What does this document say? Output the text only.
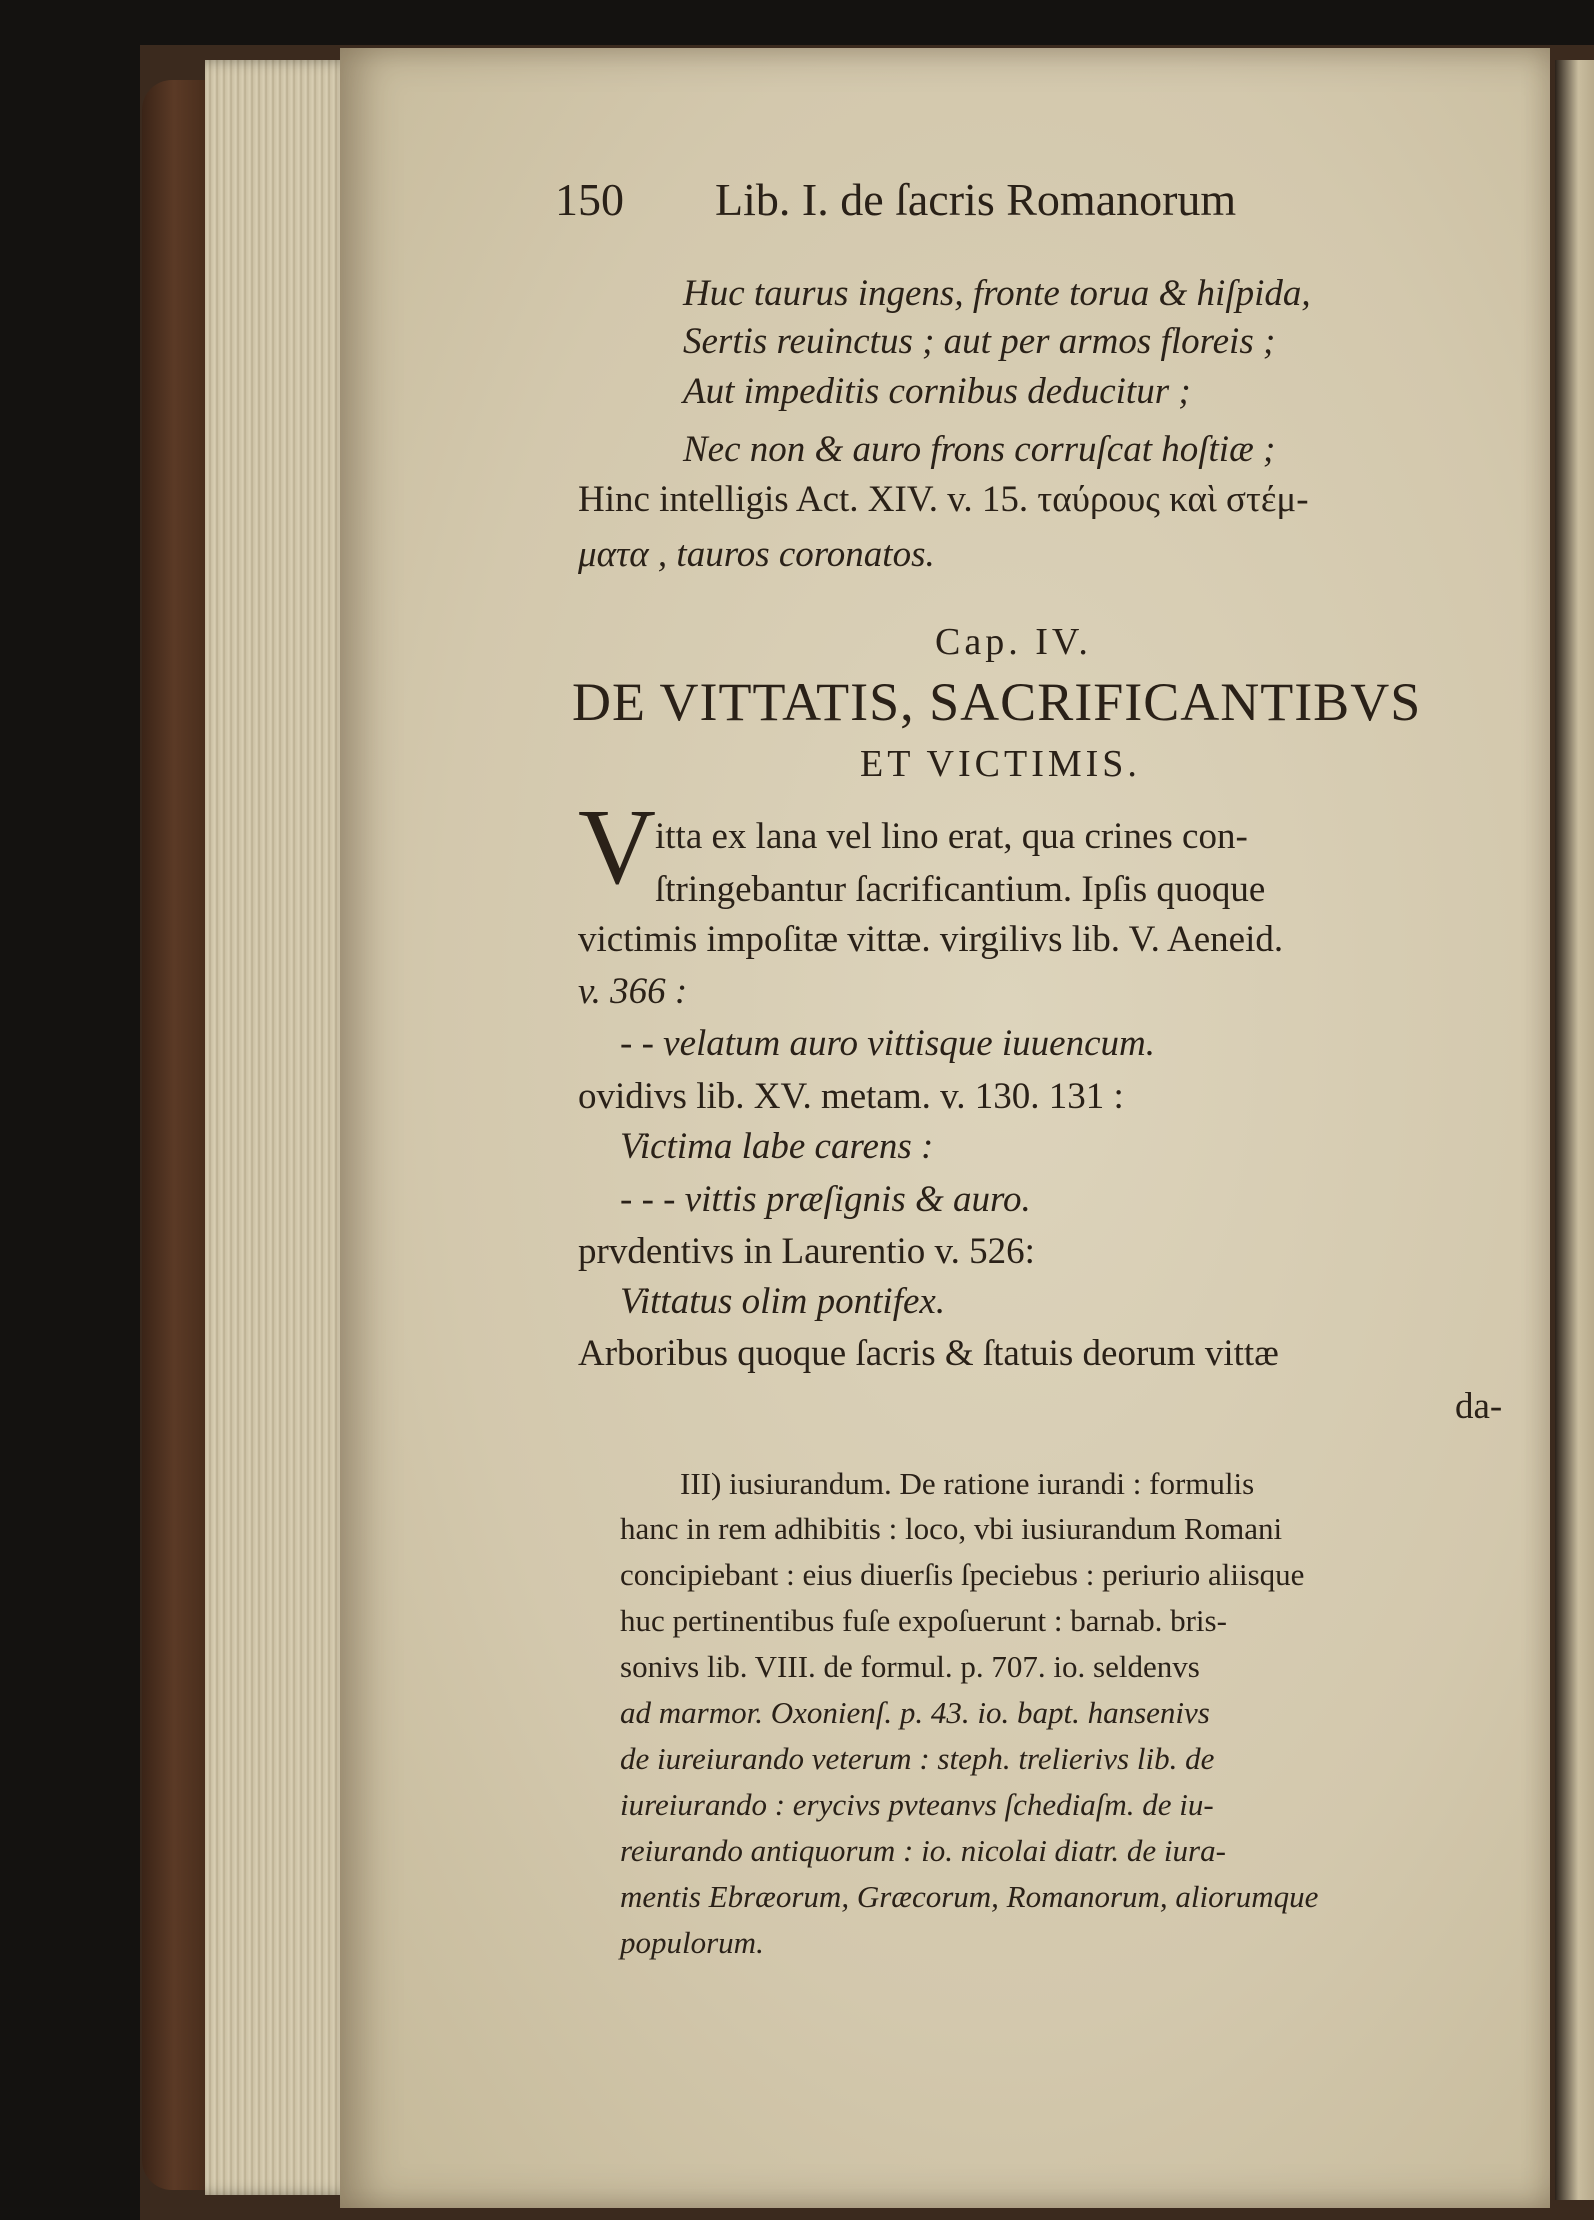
150 Lib. I. de ſacris Romanorum
Huc taurus ingens, fronte torua & hiſpida,
Sertis reuinctus ; aut per armos floreis ;
Aut impeditis cornibus deducitur ;
Nec non & auro frons corruſcat hoſtiæ ;
Hinc intelligis Act. XIV. v. 15. ταύρους καὶ στέμ-
ματα , tauros coronatos.
Cap. IV.
DE VITTATIS, SACRIFICANTIBVS
ET VICTIMIS.
V itta ex lana vel lino erat, qua crines con-
ſtringebantur ſacrificantium. Ipſis quoque
victimis impoſitæ vittæ. virgilivs lib. V. Aeneid.
v. 366 :
- - velatum auro vittisque iuuencum.
ovidivs lib. XV. metam. v. 130. 131 :
Victima labe carens :
- - - vittis præſignis & auro.
prvdentivs in Laurentio v. 526:
Vittatus olim pontifex.
Arboribus quoque ſacris & ſtatuis deorum vittæ
da-
III) iusiurandum. De ratione iurandi : formulis
hanc in rem adhibitis : loco, vbi iusiurandum Romani
concipiebant : eius diuerſis ſpeciebus : periurio aliisque
huc pertinentibus fuſe expoſuerunt : barnab. bris-
sonivs lib. VIII. de formul. p. 707. io. seldenvs
ad marmor. Oxonienſ. p. 43. io. bapt. hansenivs
de iureiurando veterum : steph. trelierivs lib. de
iureiurando : erycivs pvteanvs ſchediaſm. de iu-
reiurando antiquorum : io. nicolai diatr. de iura-
mentis Ebræorum, Græcorum, Romanorum, aliorumque
populorum.
